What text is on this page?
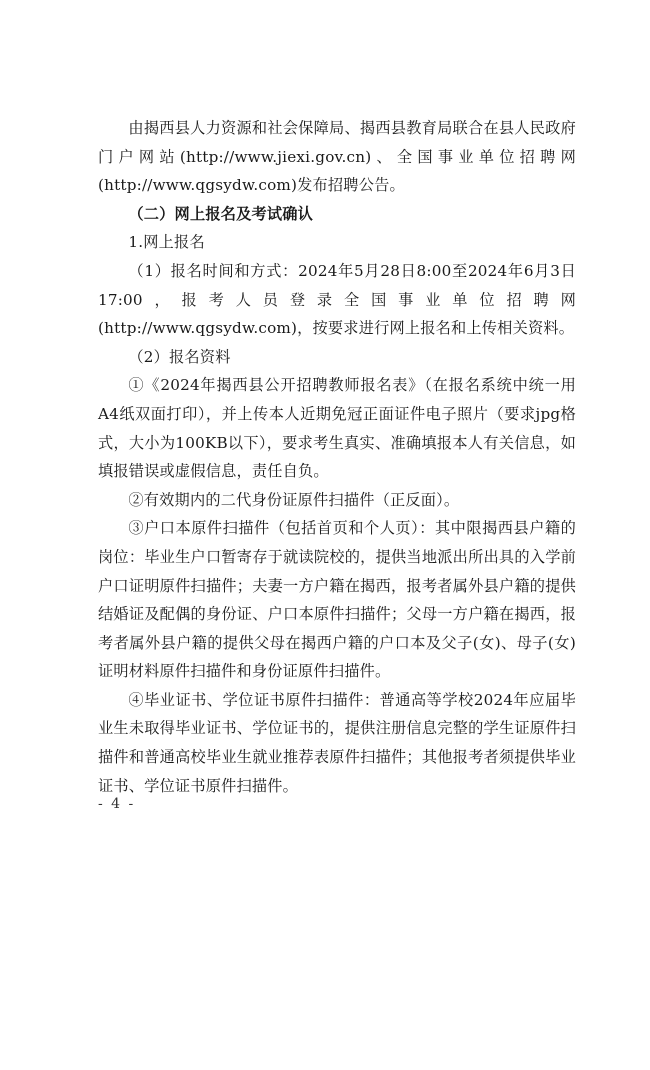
由揭西县人力资源和社会保障局、揭西县教育局联合在县人民政府门户网站(http://www.jiexi.gov.cn)、全国事业单位招聘网(http://www.qgsydw.com)发布招聘公告。

（二）网上报名及考试确认

1.网上报名

（1）报名时间和方式：2024年5月28日8:00至2024年6月3日17:00，报考人员登录全国事业单位招聘网(http://www.qgsydw.com)，按要求进行网上报名和上传相关资料。

（2）报名资料

①《2024年揭西县公开招聘教师报名表》（在报名系统中统一用A4纸双面打印），并上传本人近期免冠正面证件电子照片（要求jpg格式，大小为100KB以下），要求考生真实、准确填报本人有关信息，如填报错误或虚假信息，责任自负。

②有效期内的二代身份证原件扫描件（正反面）。

③户口本原件扫描件（包括首页和个人页）：其中限揭西县户籍的岗位：毕业生户口暂寄存于就读院校的，提供当地派出所出具的入学前户口证明原件扫描件；夫妻一方户籍在揭西，报考者属外县户籍的提供结婚证及配偶的身份证、户口本原件扫描件；父母一方户籍在揭西，报考者属外县户籍的提供父母在揭西户籍的户口本及父子(女)、母子(女)证明材料原件扫描件和身份证原件扫描件。

④毕业证书、学位证书原件扫描件：普通高等学校2024年应届毕业生未取得毕业证书、学位证书的，提供注册信息完整的学生证原件扫描件和普通高校毕业生就业推荐表原件扫描件；其他报考者须提供毕业证书、学位证书原件扫描件。

- 4 -
